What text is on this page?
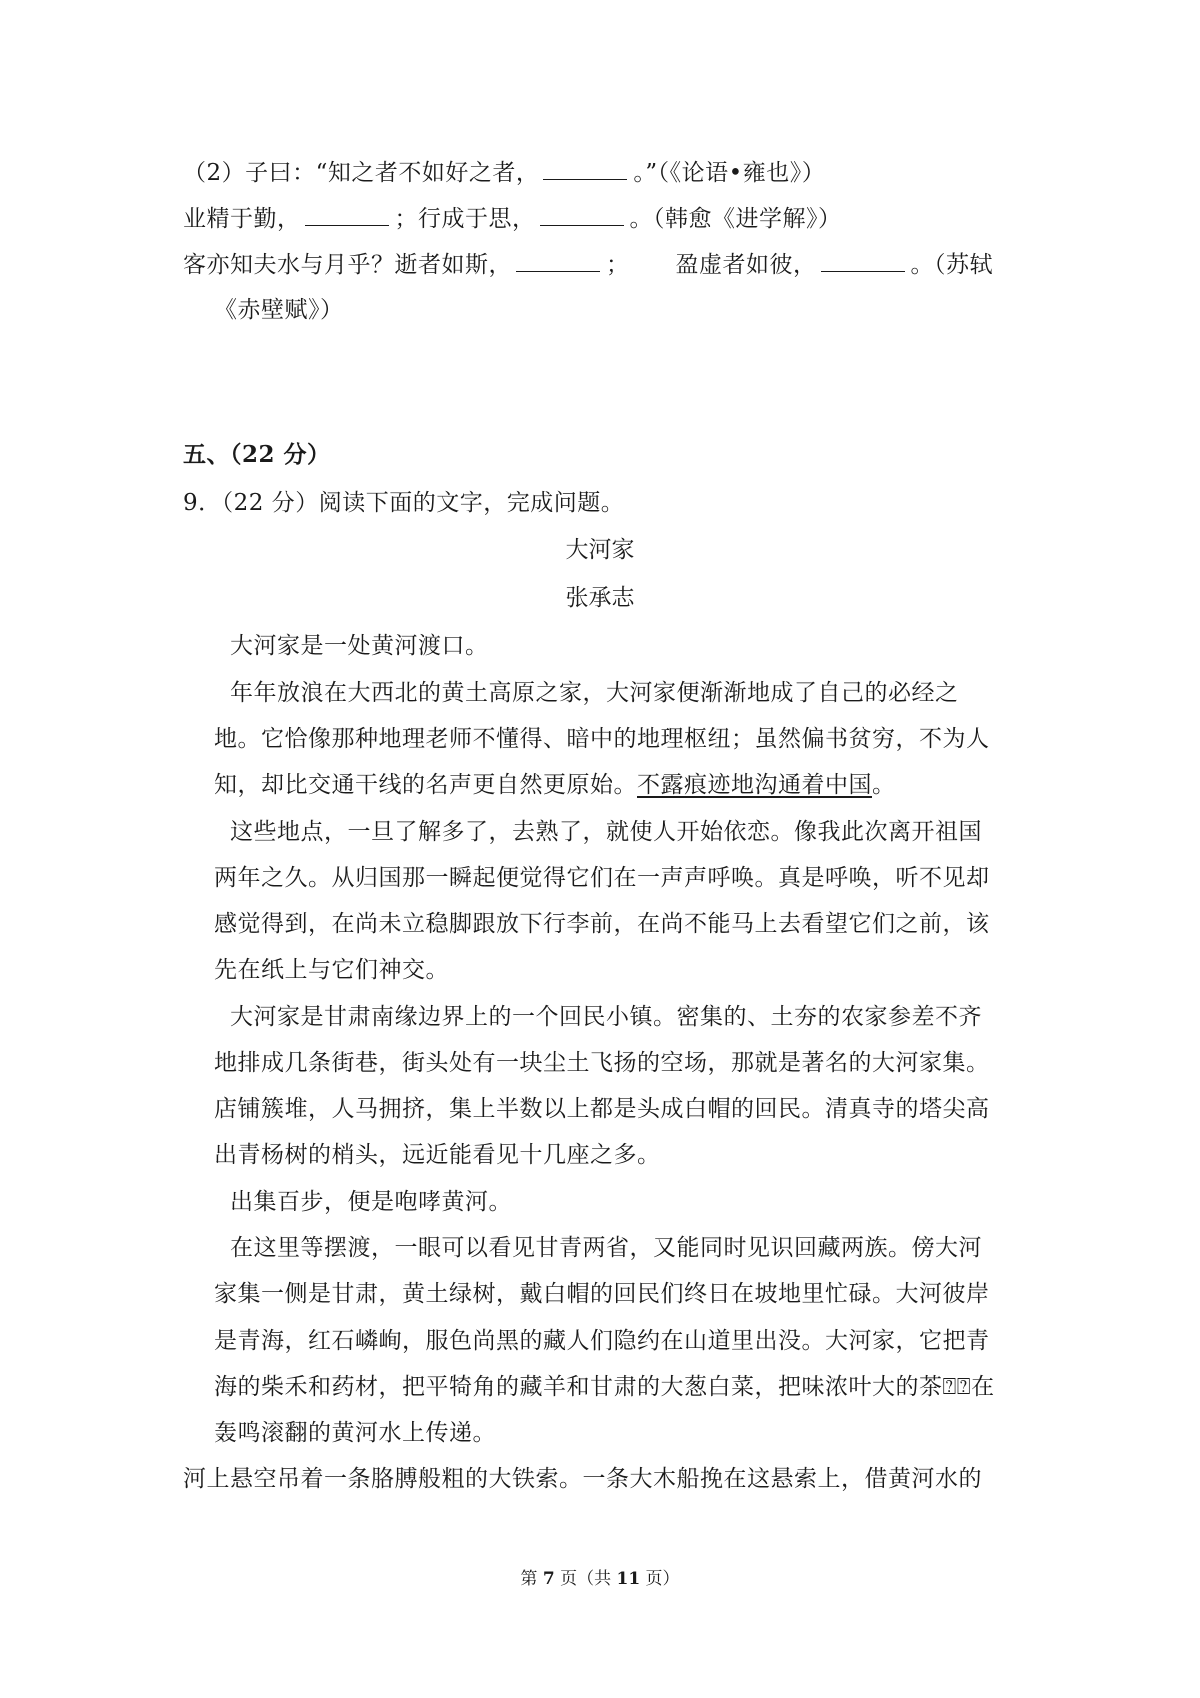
（2）子曰：“知之者不如好之者，	。”（《论语•雍也》）
业精于勤，	；行成于思，	。（韩愈《进学解》）
客亦知夫水与月乎？逝者如斯，	； 盈虚者如彼，	。（苏轼
《赤壁赋》）
五、（22 分）
9．（22 分）阅读下面的文字，完成问题。
大河家
张承志
大河家是一处黄河渡口。
年年放浪在大西北的黄土高原之家，大河家便渐渐地成了自己的必经之
地。它恰像那种地理老师不懂得、暗中的地理枢纽；虽然偏书贫穷，不为人
知，却比交通干线的名声更自然更原始。不露痕迹地沟通着中国。
这些地点，一旦了解多了，去熟了，就使人开始依恋。像我此次离开祖国
两年之久。从归国那一瞬起便觉得它们在一声声呼唤。真是呼唤，听不见却
感觉得到，在尚未立稳脚跟放下行李前，在尚不能马上去看望它们之前，该
先在纸上与它们神交。
大河家是甘肃南缘边界上的一个回民小镇。密集的、土夯的农家参差不齐
地排成几条街巷，街头处有一块尘土飞扬的空场，那就是著名的大河家集。
店铺簇堆，人马拥挤，集上半数以上都是头成白帽的回民。清真寺的塔尖高
出青杨树的梢头，远近能看见十几座之多。
出集百步，便是咆哮黄河。
在这里等摆渡，一眼可以看见甘青两省，又能同时见识回藏两族。傍大河
家集一侧是甘肃，黄土绿树，戴白帽的回民们终日在坡地里忙碌。大河彼岸
是青海，红石嶙峋，服色尚黑的藏人们隐约在山道里出没。大河家，它把青
海的柴禾和药材，把平犄角的藏羊和甘肃的大葱白菜，把味浓叶大的茶⍰⍰在
轰鸣滚翻的黄河水上传递。
河上悬空吊着一条胳膊般粗的大铁索。一条大木船挽在这悬索上，借黄河水的
第 7 页（共 11 页）
